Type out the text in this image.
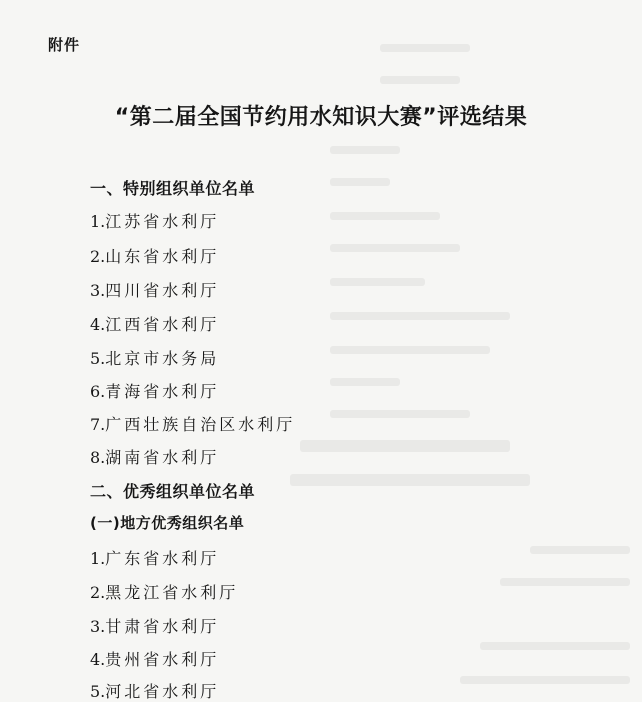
附件
“第二届全国节约用水知识大赛”评选结果
一、特别组织单位名单
1.江苏省水利厅
2.山东省水利厅
3.四川省水利厅
4.江西省水利厅
5.北京市水务局
6.青海省水利厅
7.广西壮族自治区水利厅
8.湖南省水利厅
二、优秀组织单位名单
(一)地方优秀组织名单
1.广东省水利厅
2.黑龙江省水利厅
3.甘肃省水利厅
4.贵州省水利厅
5.河北省水利厅
